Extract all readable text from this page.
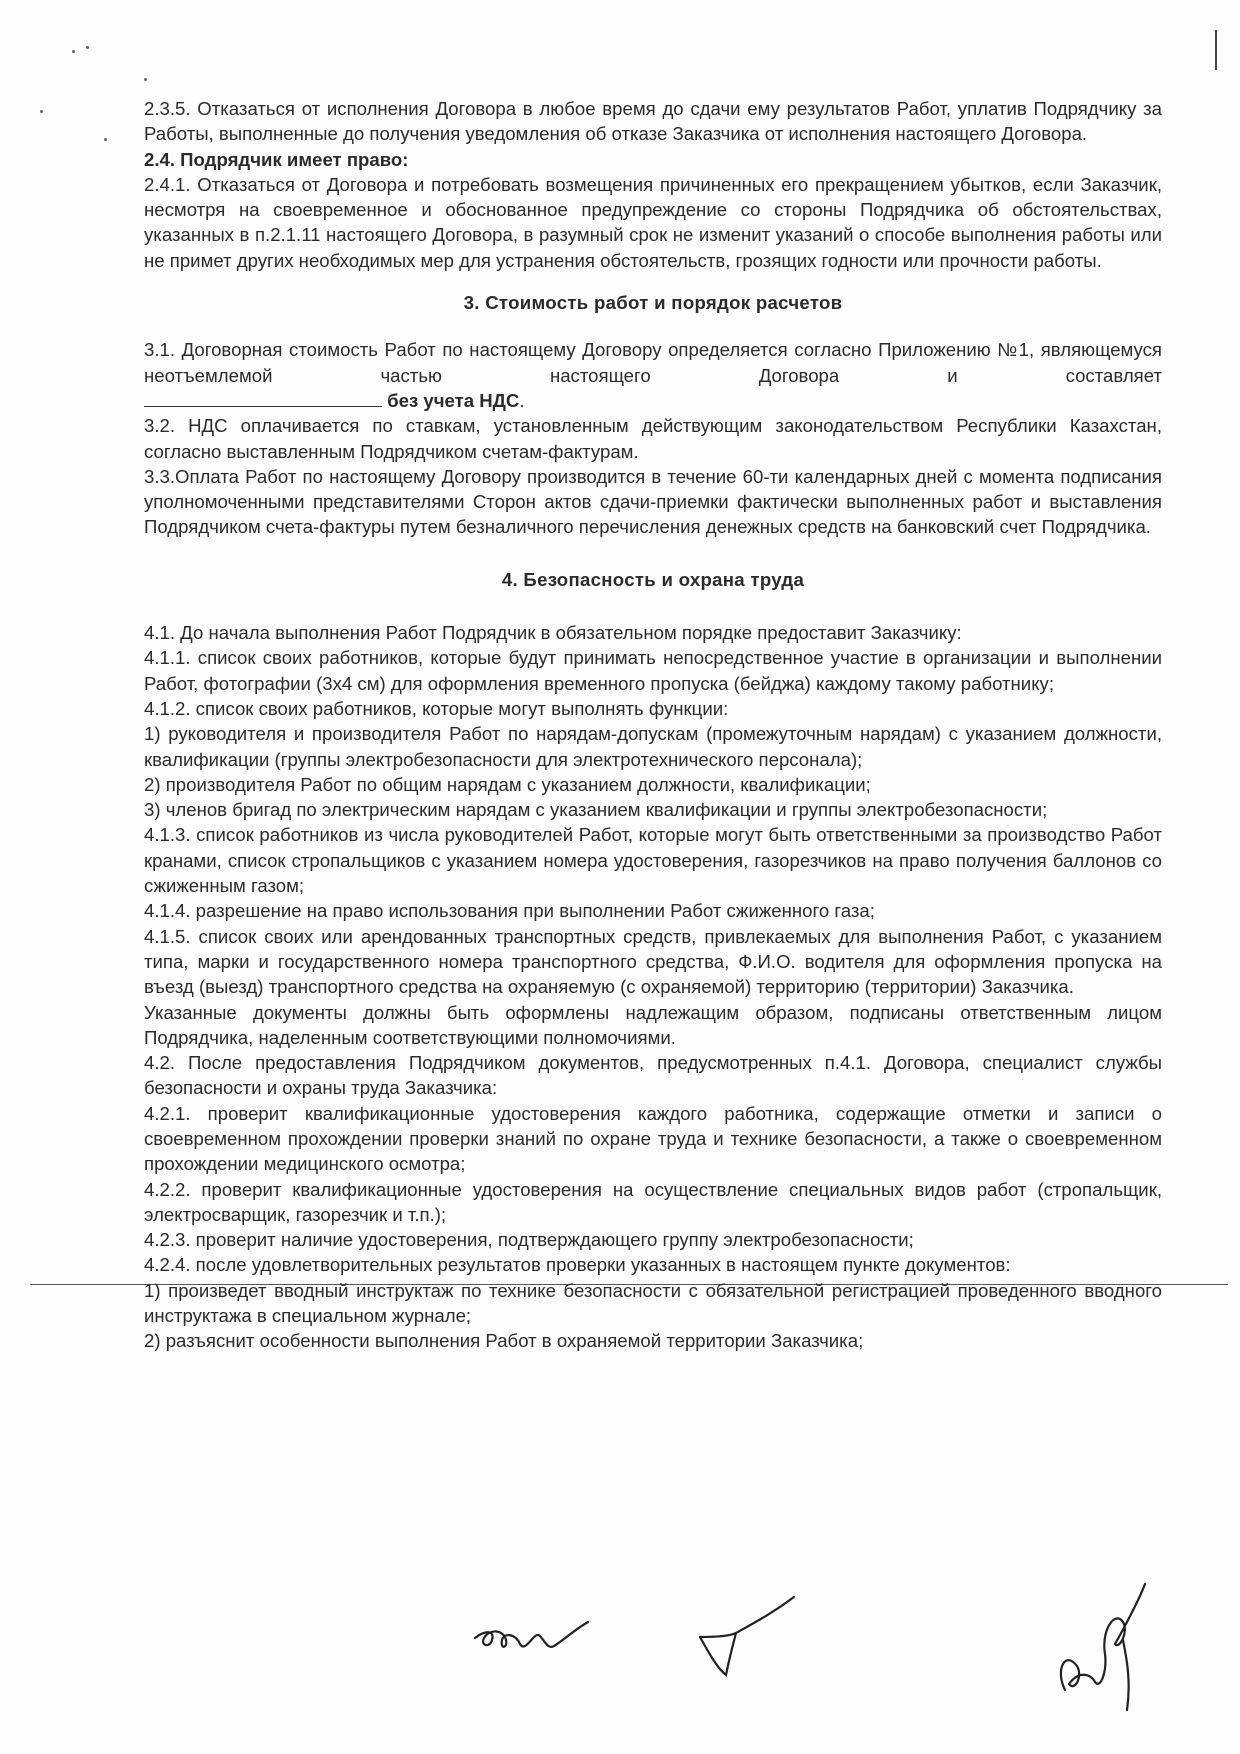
2.3.5. Отказаться от исполнения Договора в любое время до сдачи ему результатов Работ, уплатив Подрядчику за Работы, выполненные до получения уведомления об отказе Заказчика от исполнения настоящего Договора.

2.4. Подрядчик имеет право:

2.4.1. Отказаться от Договора и потребовать возмещения причиненных его прекращением убытков, если Заказчик, несмотря на своевременное и обоснованное предупреждение со стороны Подрядчика об обстоятельствах, указанных в п.2.1.11 настоящего Договора, в разумный срок не изменит указаний о способе выполнения работы или не примет других необходимых мер для устранения обстоятельств, грозящих годности или прочности работы.

3. Стоимость работ и порядок расчетов

3.1. Договорная стоимость Работ по настоящему Договору определяется согласно Приложению №1, являющемуся неотъемлемой частью настоящего Договора и составляет

без учета НДС.

3.2. НДС оплачивается по ставкам, установленным действующим законодательством Республики Казахстан, согласно выставленным Подрядчиком счетам-фактурам.

3.3.Оплата Работ по настоящему Договору производится в течение 60-ти календарных дней с момента подписания уполномоченными представителями Сторон актов сдачи-приемки фактически выполненных работ и выставления Подрядчиком счета-фактуры путем безналичного перечисления денежных средств на банковский счет Подрядчика.

4. Безопасность и охрана труда

4.1. До начала выполнения Работ Подрядчик в обязательном порядке предоставит Заказчику:

4.1.1. список своих работников, которые будут принимать непосредственное участие в организации и выполнении Работ, фотографии (3х4 см) для оформления временного пропуска (бейджа) каждому такому работнику;

4.1.2. список своих работников, которые могут выполнять функции:

1) руководителя и производителя Работ по нарядам-допускам (промежуточным нарядам) с указанием должности, квалификации (группы электробезопасности для электротехнического персонала);

2) производителя Работ по общим нарядам с указанием должности, квалификации;

3) членов бригад по электрическим нарядам с указанием квалификации и группы электробезопасности;

4.1.3. список работников из числа руководителей Работ, которые могут быть ответственными за производство Работ кранами, список стропальщиков с указанием номера удостоверения, газорезчиков на право получения баллонов со сжиженным газом;

4.1.4. разрешение на право использования при выполнении Работ сжиженного газа;

4.1.5. список своих или арендованных транспортных средств, привлекаемых для выполнения Работ, с указанием типа, марки и государственного номера транспортного средства, Ф.И.О. водителя для оформления пропуска на въезд (выезд) транспортного средства на охраняемую (с охраняемой) территорию (территории) Заказчика.

Указанные документы должны быть оформлены надлежащим образом, подписаны ответственным лицом Подрядчика, наделенным соответствующими полномочиями.

4.2. После предоставления Подрядчиком документов, предусмотренных п.4.1. Договора, специалист службы безопасности и охраны труда Заказчика:

4.2.1. проверит квалификационные удостоверения каждого работника, содержащие отметки и записи о своевременном прохождении проверки знаний по охране труда и технике безопасности, а также о своевременном прохождении медицинского осмотра;

4.2.2. проверит квалификационные удостоверения на осуществление специальных видов работ (стропальщик, электросварщик, газорезчик и т.п.);

4.2.3. проверит наличие удостоверения, подтверждающего группу электробезопасности;

4.2.4. после удовлетворительных результатов проверки указанных в настоящем пункте документов:

1) произведет вводный инструктаж по технике безопасности с обязательной регистрацией проведенного вводного инструктажа в специальном журнале;

2) разъяснит особенности выполнения Работ в охраняемой территории Заказчика;
